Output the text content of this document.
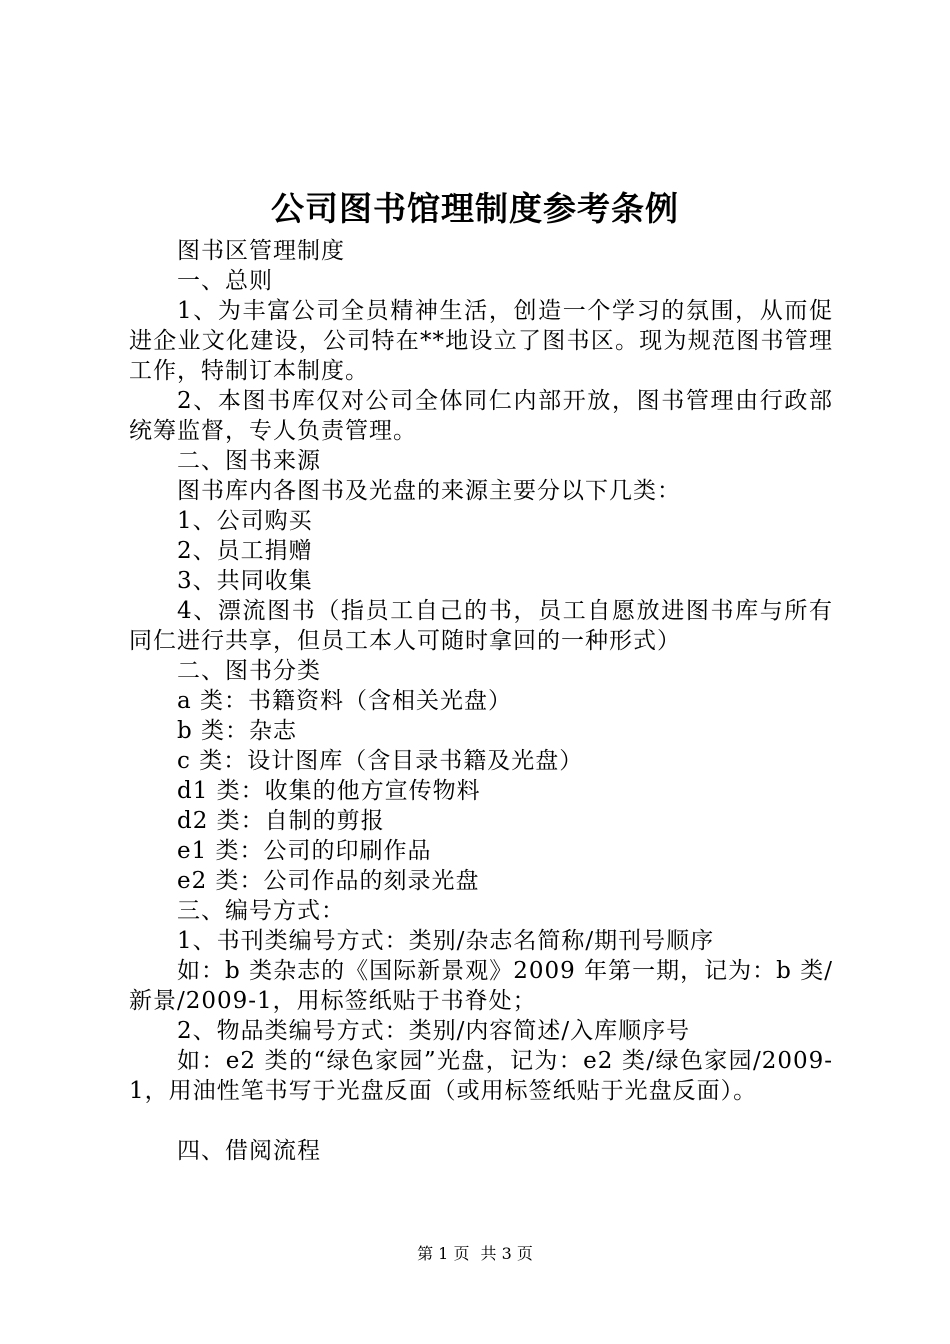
公司图书馆理制度参考条例

图书区管理制度

一、总则

1、为丰富公司全员精神生活，创造一个学习的氛围，从而促进企业文化建设，公司特在**地设立了图书区。现为规范图书管理工作，特制订本制度。

2、本图书库仅对公司全体同仁内部开放，图书管理由行政部统筹监督，专人负责管理。

二、图书来源

图书库内各图书及光盘的来源主要分以下几类：

1、公司购买

2、员工捐赠

3、共同收集

4、漂流图书（指员工自己的书，员工自愿放进图书库与所有同仁进行共享，但员工本人可随时拿回的一种形式）

二、图书分类

a 类：书籍资料（含相关光盘）

b 类：杂志

c 类：设计图库（含目录书籍及光盘）

d1 类：收集的他方宣传物料

d2 类：自制的剪报

e1 类：公司的印刷作品

e2 类：公司作品的刻录光盘

三、编号方式：

1、书刊类编号方式：类别/杂志名简称/期刊号顺序

如：b 类杂志的《国际新景观》2009 年第一期，记为：b 类/新景/2009-1，用标签纸贴于书脊处；

2、物品类编号方式：类别/内容简述/入库顺序号

如：e2 类的“绿色家园”光盘，记为：e2 类/绿色家园/2009-1，用油性笔书写于光盘反面（或用标签纸贴于光盘反面）。

四、借阅流程

第 1 页 共 3 页
